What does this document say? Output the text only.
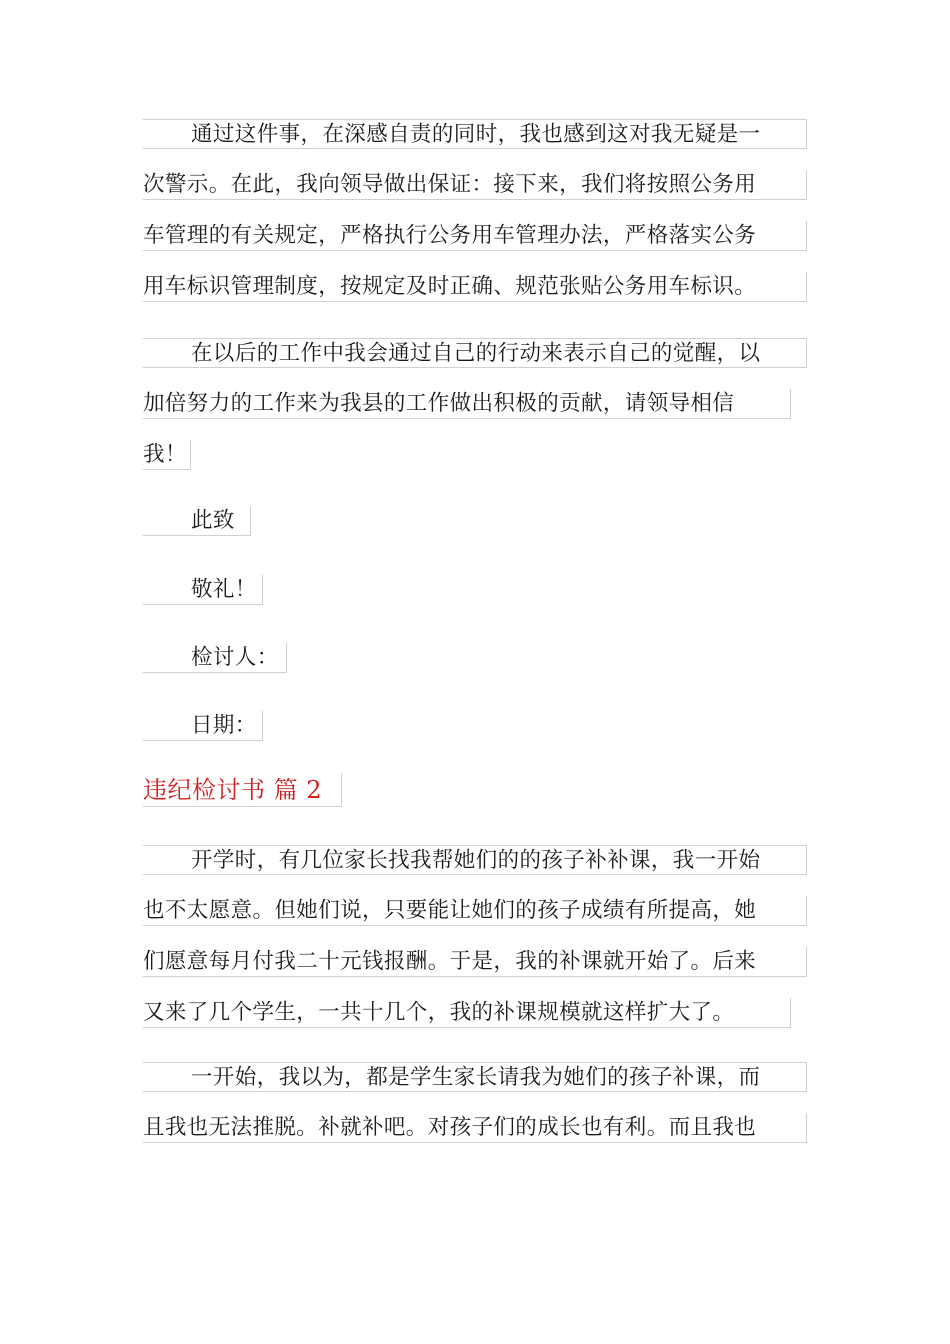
通过这件事，在深感自责的同时，我也感到这对我无疑是一
次警示。在此，我向领导做出保证：接下来，我们将按照公务用
车管理的有关规定，严格执行公务用车管理办法，严格落实公务
用车标识管理制度，按规定及时正确、规范张贴公务用车标识。
在以后的工作中我会通过自己的行动来表示自己的觉醒，以
加倍努力的工作来为我县的工作做出积极的贡献，请领导相信
我！
此致
敬礼！
检讨人：
日期：
违纪检讨书 篇 2
开学时，有几位家长找我帮她们的的孩子补补课，我一开始
也不太愿意。但她们说，只要能让她们的孩子成绩有所提高，她
们愿意每月付我二十元钱报酬。于是，我的补课就开始了。后来
又来了几个学生，一共十几个，我的补课规模就这样扩大了。
一开始，我以为，都是学生家长请我为她们的孩子补课，而
且我也无法推脱。补就补吧。对孩子们的成长也有利。而且我也
